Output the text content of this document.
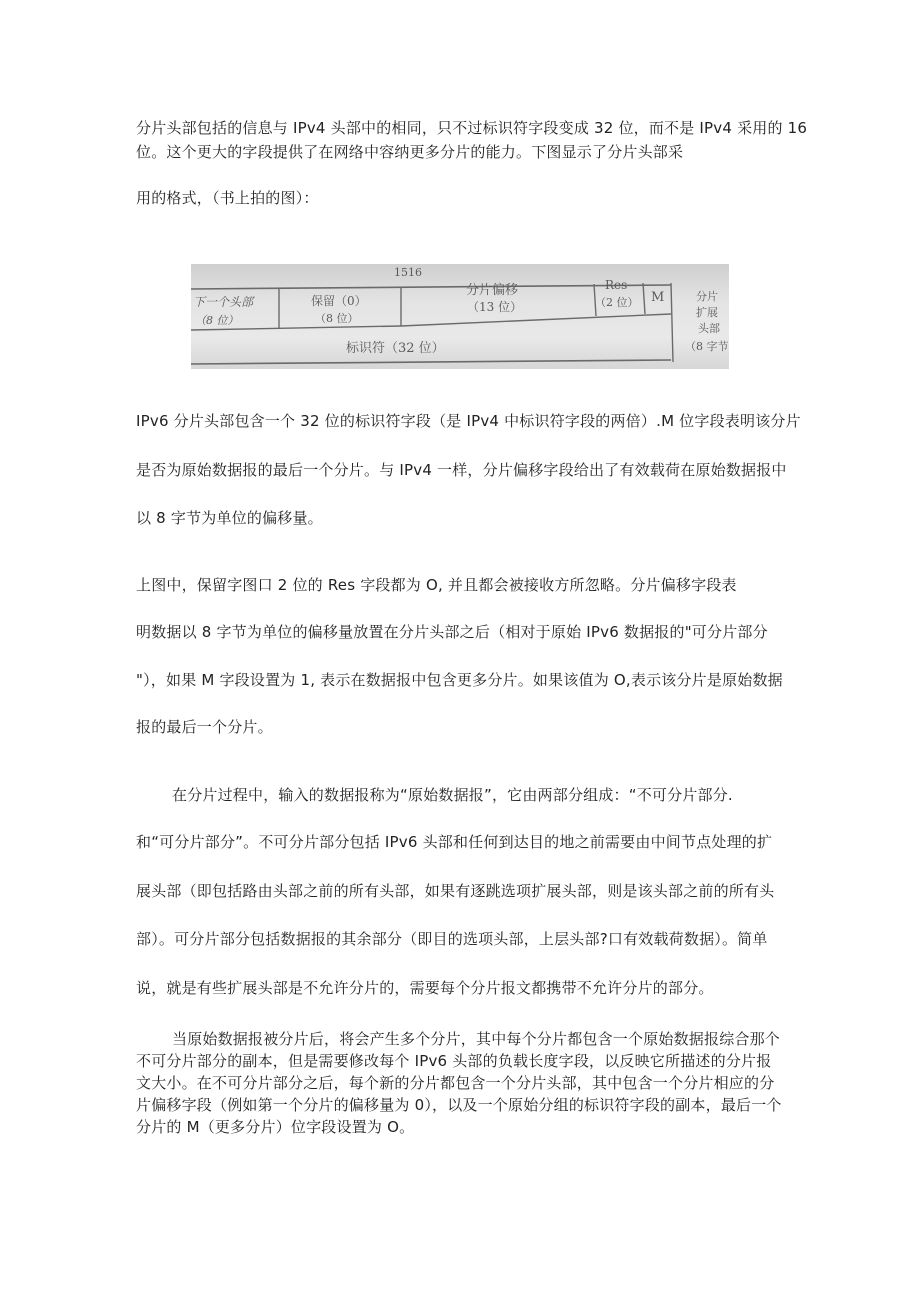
分片头部包括的信息与 IPv4 头部中的相同，只不过标识符字段变成 32 位，而不是 IPv4 采用的 16
位。这个更大的字段提供了在网络中容纳更多分片的能力。下图显示了分片头部采
用的格式，（书上拍的图）：
1516
下一个头部
（8 位）
保留（0）
（8 位）
分片偏移
（13 位）
Res
（2 位） M
标识符（32 位）
分片
扩展
头部
（8 字节
IPv6 分片头部包含一个 32 位的标识符字段（是 IPv4 中标识符字段的两倍）.M 位字段表明该分片
是否为原始数据报的最后一个分片。与 IPv4 一样，分片偏移字段给出了有效载荷在原始数据报中
以 8 字节为单位的偏移量。
上图中，保留字图口 2 位的 Res 字段都为 O, 并且都会被接收方所忽略。分片偏移字段表
明数据以 8 字节为单位的偏移量放置在分片头部之后（相对于原始 IPv6 数据报的"可分片部分
"），如果 M 字段设置为 1, 表示在数据报中包含更多分片。如果该值为 O,表示该分片是原始数据
报的最后一个分片。
在分片过程中，输入的数据报称为“原始数据报”，它由两部分组成：“不可分片部分.
和“可分片部分”。不可分片部分包括 IPv6 头部和任何到达目的地之前需要由中间节点处理的扩
展头部（即包括路由头部之前的所有头部，如果有逐跳选项扩展头部，则是该头部之前的所有头
部）。可分片部分包括数据报的其余部分（即目的选项头部，上层头部?口有效载荷数据）。简单
说，就是有些扩展头部是不允许分片的，需要每个分片报文都携带不允许分片的部分。
当原始数据报被分片后，将会产生多个分片，其中每个分片都包含一个原始数据报综合那个
不可分片部分的副本，但是需要修改每个 IPv6 头部的负载长度字段，以反映它所描述的分片报
文大小。在不可分片部分之后，每个新的分片都包含一个分片头部，其中包含一个分片相应的分
片偏移字段（例如第一个分片的偏移量为 0），以及一个原始分组的标识符字段的副本，最后一个
分片的 M（更多分片）位字段设置为 O。
